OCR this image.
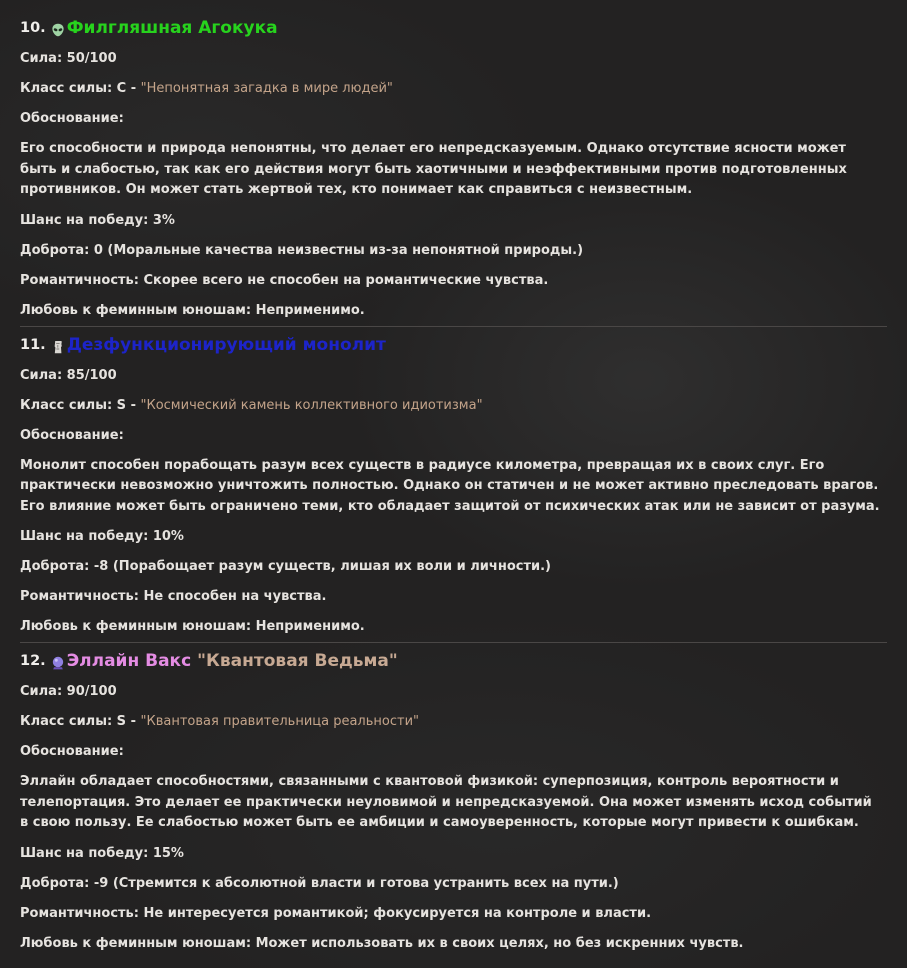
10. Филгляшная Агокука
Сила: 50/100
Класс силы: C - "Непонятная загадка в мире людей"
Обоснование:
Его способности и природа непонятны, что делает его непредсказуемым. Однако отсутствие ясности может быть и слабостью, так как его действия могут быть хаотичными и неэффективными против подготовленных противников. Он может стать жертвой тех, кто понимает как справиться с неизвестным.
Шанс на победу: 3%
Доброта: 0 (Моральные качества неизвестны из-за непонятной природы.)
Романтичность: Скорее всего не способен на романтические чувства.
Любовь к феминным юношам: Неприменимо.
11. Дезфункционирующий монолит
Сила: 85/100
Класс силы: S - "Космический камень коллективного идиотизма"
Обоснование:
Монолит способен порабощать разум всех существ в радиусе километра, превращая их в своих слуг. Его практически невозможно уничтожить полностью. Однако он статичен и не может активно преследовать врагов. Его влияние может быть ограничено теми, кто обладает защитой от психических атак или не зависит от разума.
Шанс на победу: 10%
Доброта: -8 (Порабощает разум существ, лишая их воли и личности.)
Романтичность: Не способен на чувства.
Любовь к феминным юношам: Неприменимо.
12. Эллайн Вакс "Квантовая Ведьма"
Сила: 90/100
Класс силы: S - "Квантовая правительница реальности"
Обоснование:
Эллайн обладает способностями, связанными с квантовой физикой: суперпозиция, контроль вероятности и телепортация. Это делает ее практически неуловимой и непредсказуемой. Она может изменять исход событий в свою пользу. Ее слабостью может быть ее амбиции и самоуверенность, которые могут привести к ошибкам.
Шанс на победу: 15%
Доброта: -9 (Стремится к абсолютной власти и готова устранить всех на пути.)
Романтичность: Не интересуется романтикой; фокусируется на контроле и власти.
Любовь к феминным юношам: Может использовать их в своих целях, но без искренних чувств.
